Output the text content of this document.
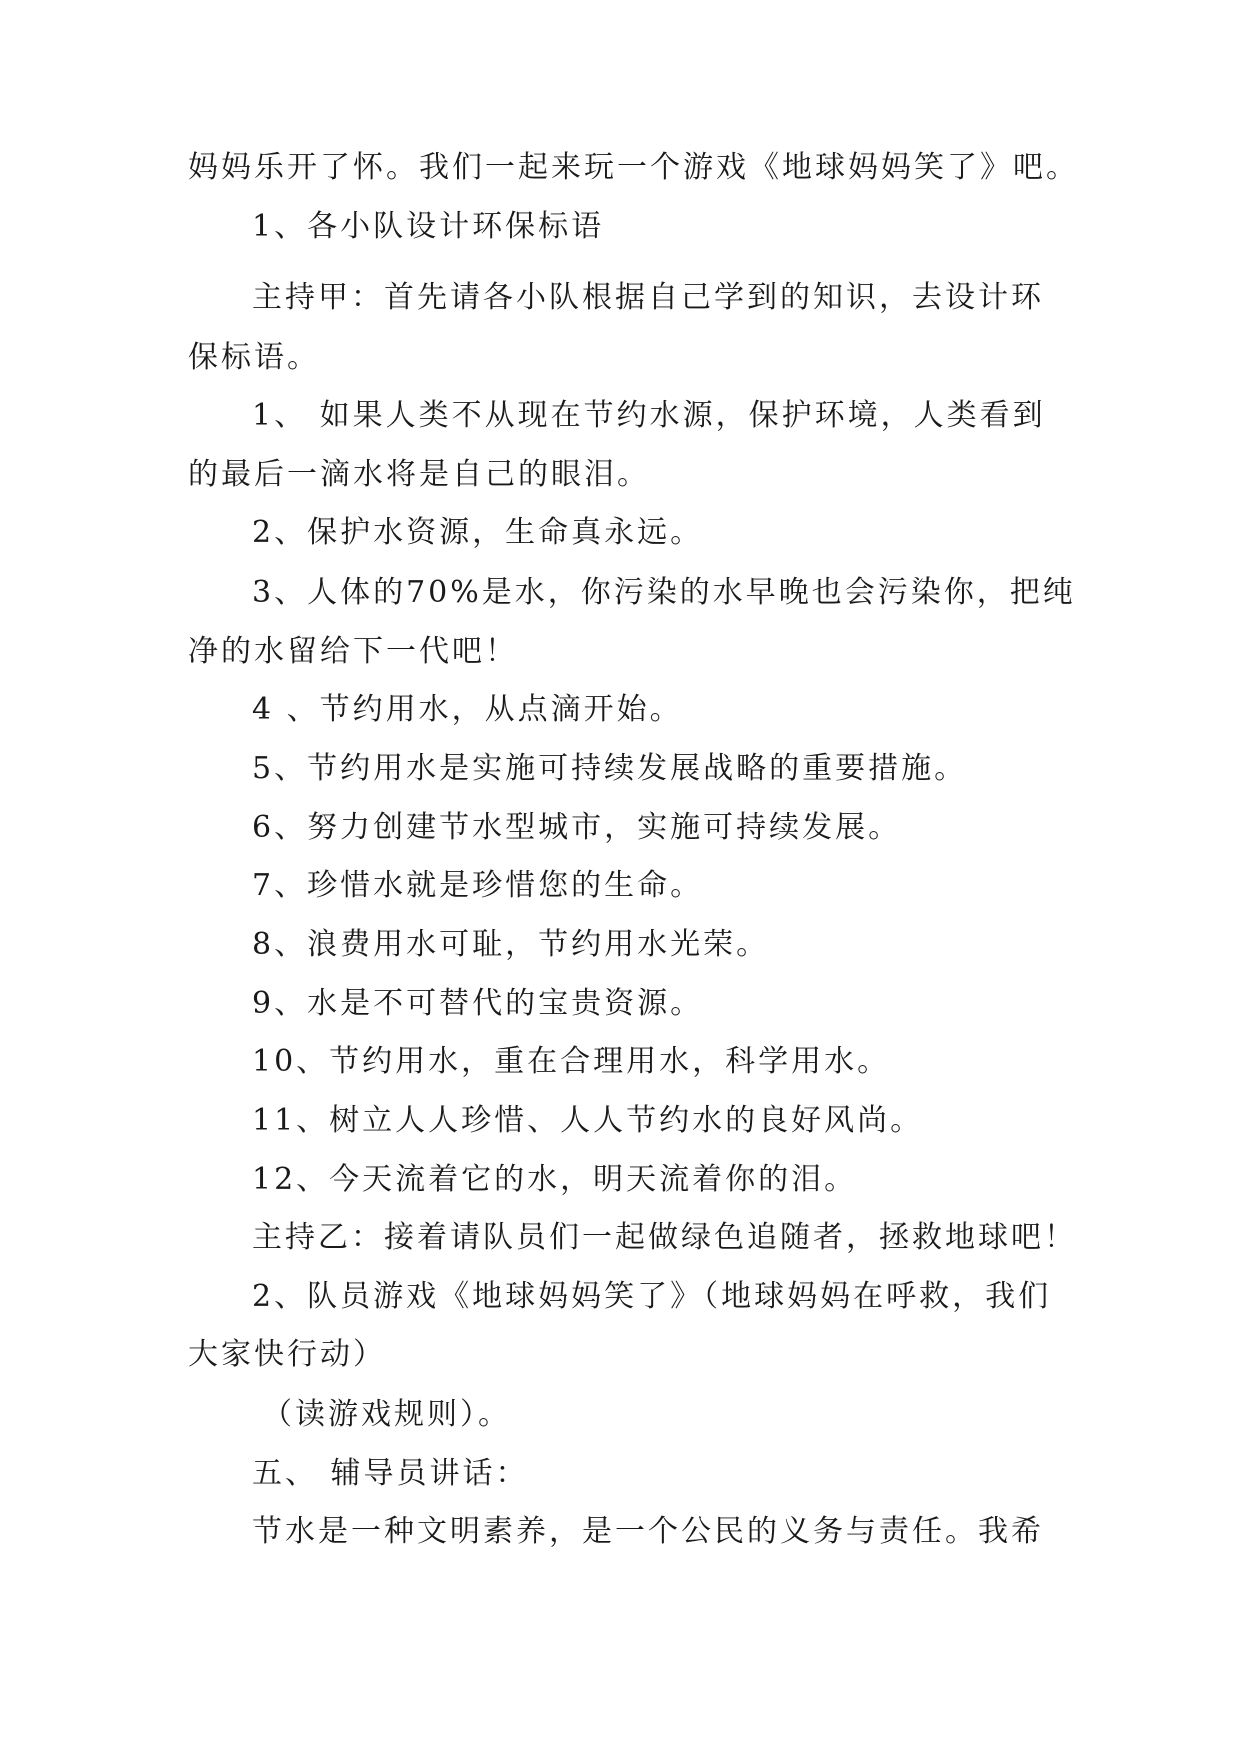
妈妈乐开了怀。我们一起来玩一个游戏《地球妈妈笑了》吧。
1、各小队设计环保标语
主持甲：首先请各小队根据自己学到的知识，去设计环
保标语。
1、 如果人类不从现在节约水源，保护环境，人类看到
的最后一滴水将是自己的眼泪。
2、保护水资源，生命真永远。
3、人体的70%是水，你污染的水早晚也会污染你，把纯
净的水留给下一代吧！
4 、节约用水，从点滴开始。
5、节约用水是实施可持续发展战略的重要措施。
6、努力创建节水型城市，实施可持续发展。
7、珍惜水就是珍惜您的生命。
8、浪费用水可耻，节约用水光荣。
9、水是不可替代的宝贵资源。
10、节约用水，重在合理用水，科学用水。
11、树立人人珍惜、人人节约水的良好风尚。
12、今天流着它的水，明天流着你的泪。
主持乙：接着请队员们一起做绿色追随者，拯救地球吧！
2、队员游戏《地球妈妈笑了》（地球妈妈在呼救，我们
大家快行动）
（读游戏规则）。
五、 辅导员讲话：
节水是一种文明素养，是一个公民的义务与责任。我希
